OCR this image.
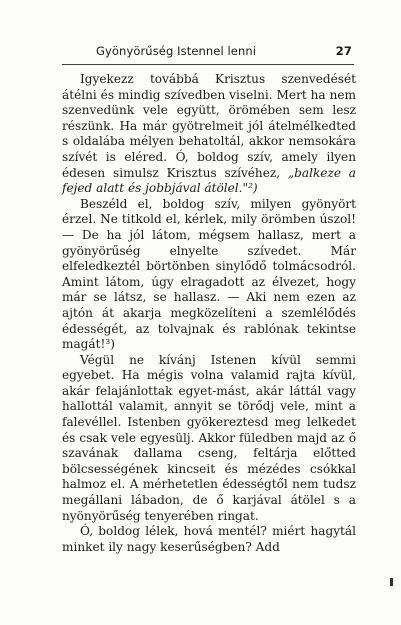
Gyönyörűség Istennel lenni	27

Igyekezz továbbá Krisztus szenvedését átélni és mindig szívedben viselni. Mert ha nem szenvedünk vele együtt, örömében sem lesz részünk. Ha már gyötrelmeit jól átelmélkedted s oldalába mélyen behatoltál, akkor nemsokára szívét is eléred. Ó, boldog szív, amely ilyen édesen simulsz Krisztus szívéhez, „balkeze a fejed alatt és jobbjával átölel."²)

Beszéld el, boldog szív, milyen gyönyört érzel. Ne titkold el, kérlek, mily örömben úszol! — De ha jól látom, mégsem hallasz, mert a gyönyörűség elnyelte szívedet. Már elfeledkeztél börtönben sinylődő tolmácsodról. Amint látom, úgy elragadott az élvezet, hogy már se látsz, se hallasz. — Aki nem ezen az ajtón át akarja megközelíteni a szemlélődés édességét, az tolvajnak és rablónak tekintse magát!³)

Végül ne kívánj Istenen kívül semmi egyebet. Ha mégis volna valamid rajta kívül, akár felajánlottak egyet-mást, akár láttál vagy hallottál valamit, annyit se törődj vele, mint a falevéllel. Istenben gyökereztesd meg lelkedet és csak vele egyesülj. Akkor füledben majd az ő szavának dallama cseng, feltárja előtted bölcsességének kincseit és mézédes csókkal halmoz el. A mérhetetlen édességtől nem tudsz megállani lábadon, de ő karjával átölel s a nyönyörűség tenyerében ringat.

Ó, boldog lélek, hová mentél? miért hagytál minket ily nagy keserűségben? Add
